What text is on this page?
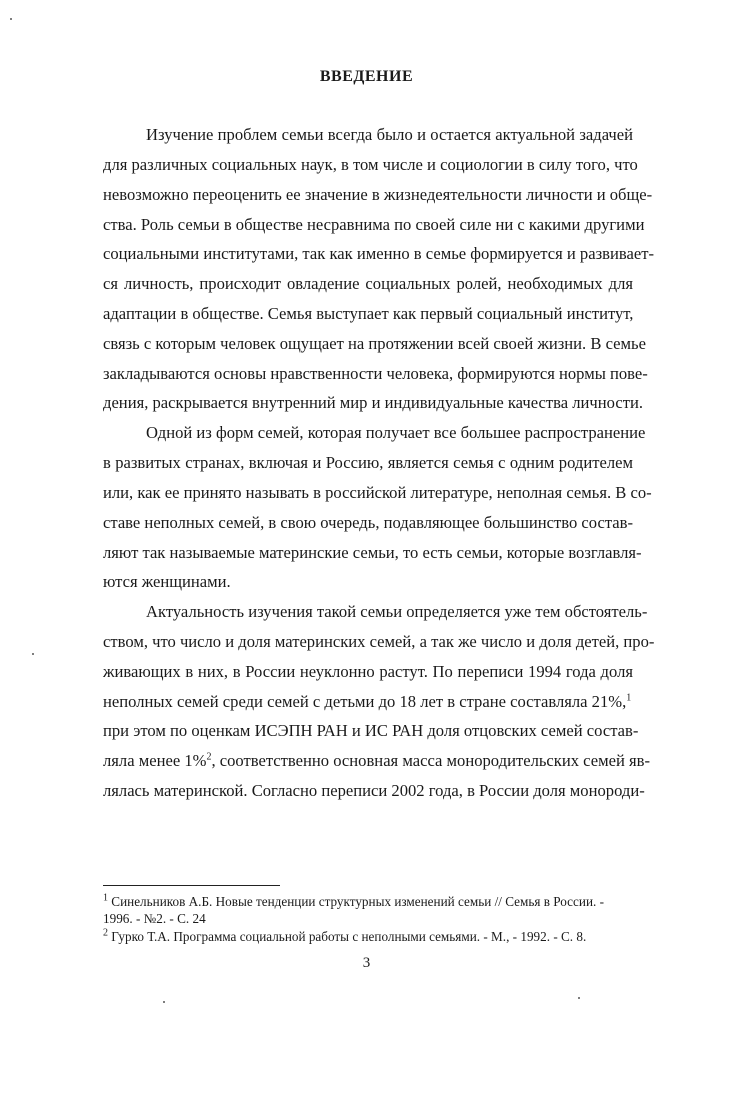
ВВЕДЕНИЕ
Изучение проблем семьи всегда было и остается актуальной задачей
для различных социальных наук, в том числе и социологии в силу того, что
невозможно переоценить ее значение в жизнедеятельности личности и обще-
ства. Роль семьи в обществе несравнима по своей силе ни с какими другими
социальными институтами, так как именно в семье формируется и развивает-
ся личность, происходит овладение социальных ролей, необходимых для
адаптации в обществе. Семья выступает как первый социальный институт,
связь с которым человек ощущает на протяжении всей своей жизни. В семье
закладываются основы нравственности человека, формируются нормы пове-
дения, раскрывается внутренний мир и индивидуальные качества личности.
Одной из форм семей, которая получает все большее распространение
в развитых странах, включая и Россию, является семья с одним родителем
или, как ее принято называть в российской литературе, неполная семья. В со-
ставе неполных семей, в свою очередь, подавляющее большинство состав-
ляют так называемые материнские семьи, то есть семьи, которые возглавля-
ются женщинами.
Актуальность изучения такой семьи определяется уже тем обстоятель-
ством, что число и доля материнских семей, а так же число и доля детей, про-
живающих в них, в России неуклонно растут. По переписи 1994 года доля
неполных семей среди семей с детьми до 18 лет в стране составляла 21%,$^1$
при этом по оценкам ИСЭПН РАН и ИС РАН доля отцовских семей состав-
ляла менее 1%$^2$, соответственно основная масса монородительских семей яв-
лялась материнской. Согласно переписи 2002 года, в России доля монороди-
$^1$ Синельников А.Б. Новые тенденции структурных изменений семьи // Семья в России. -
1996. - №2. - С. 24
$^2$ Гурко Т.А. Программа социальной работы с неполными семьями. - М., - 1992. - С. 8.
3
